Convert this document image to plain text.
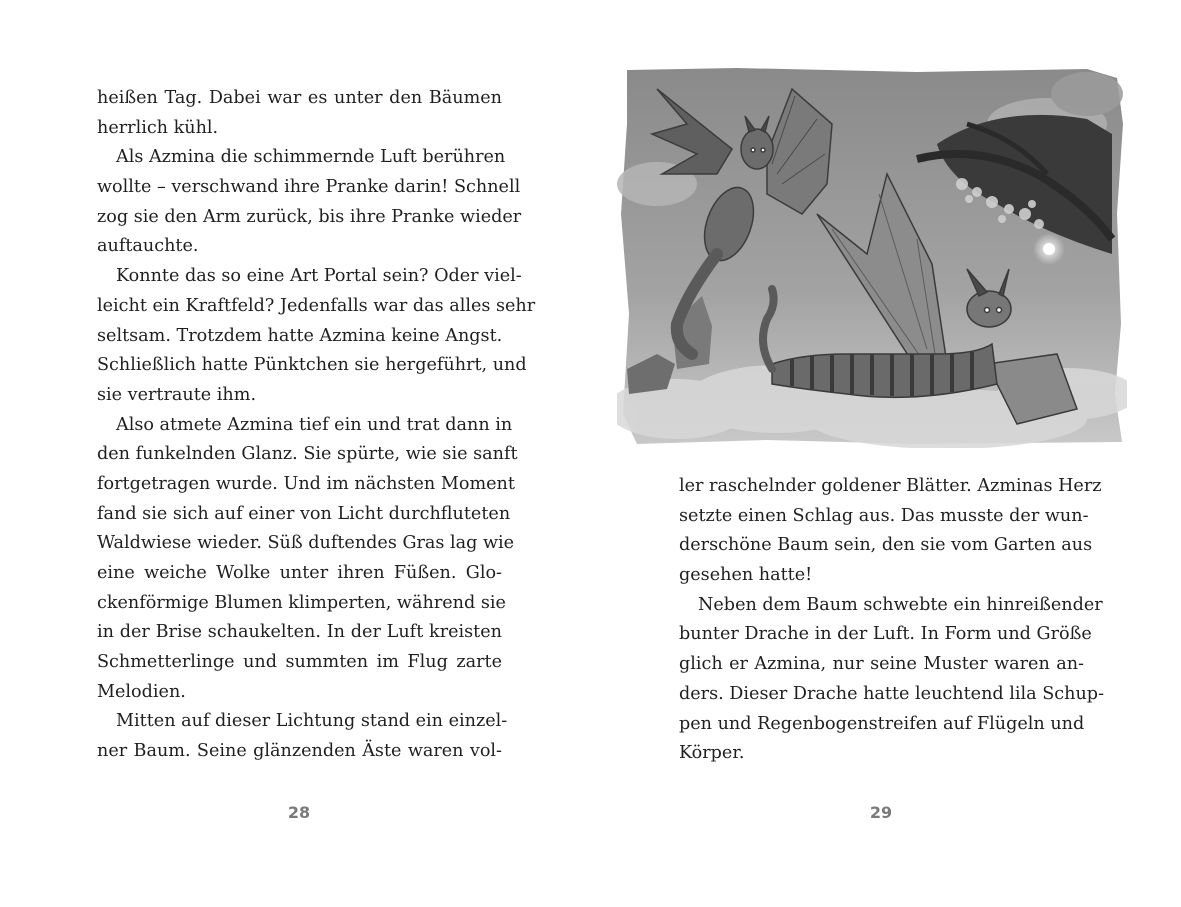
heißen Tag. Dabei war es unter den Bäumen
herrlich kühl.
Als Azmina die schimmernde Luft berühren
wollte – verschwand ihre Pranke darin! Schnell
zog sie den Arm zurück, bis ihre Pranke wieder
auftauchte.
Konnte das so eine Art Portal sein? Oder viel-
leicht ein Kraftfeld? Jedenfalls war das alles sehr
seltsam. Trotzdem hatte Azmina keine Angst.
Schließlich hatte Pünktchen sie hergeführt, und
sie vertraute ihm.
Also atmete Azmina tief ein und trat dann in
den funkelnden Glanz. Sie spürte, wie sie sanft
fortgetragen wurde. Und im nächsten Moment
fand sie sich auf einer von Licht durchfluteten
Waldwiese wieder. Süß duftendes Gras lag wie
eine weiche Wolke unter ihren Füßen. Glo-
ckenförmige Blumen klimperten, während sie
in der Brise schaukelten. In der Luft kreisten
Schmetterlinge und summten im Flug zarte
Melodien.
Mitten auf dieser Lichtung stand ein einzel-
ner Baum. Seine glänzenden Äste waren vol-
28
ler raschelnder goldener Blätter. Azminas Herz
setzte einen Schlag aus. Das musste der wun-
derschöne Baum sein, den sie vom Garten aus
gesehen hatte!
Neben dem Baum schwebte ein hinreißender
bunter Drache in der Luft. In Form und Größe
glich er Azmina, nur seine Muster waren an-
ders. Dieser Drache hatte leuchtend lila Schup-
pen und Regenbogenstreifen auf Flügeln und
Körper.
29
